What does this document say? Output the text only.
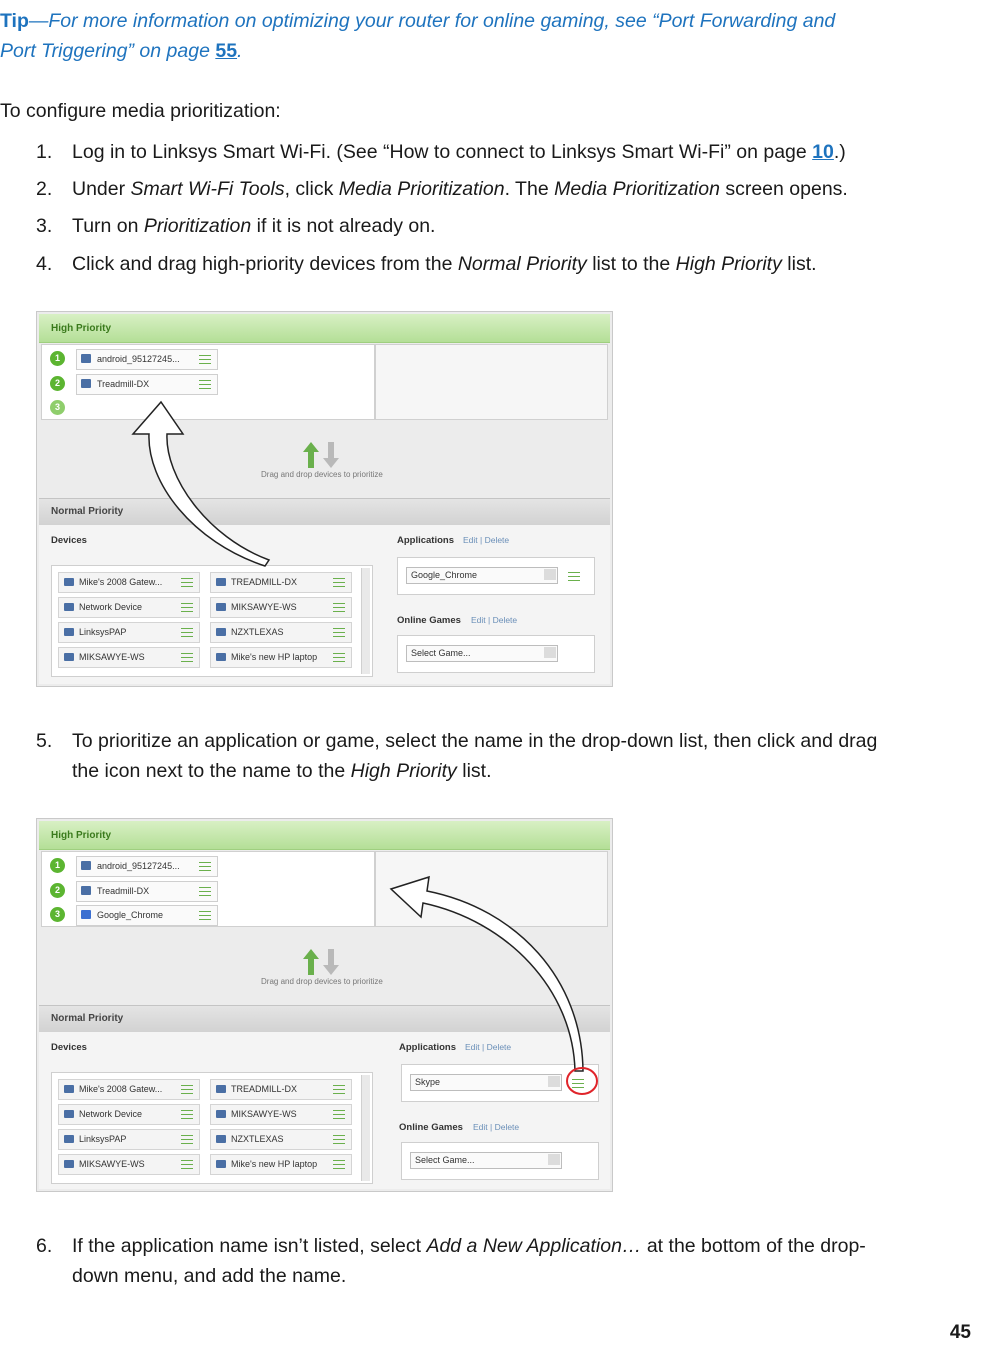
Tip—For more information on optimizing your router for online gaming, see “Port Forwarding and
Port Triggering” on page 55.
To configure media prioritization:
1.	Log in to Linksys Smart Wi-Fi. (See “How to connect to Linksys Smart Wi-Fi” on page 10.)
2.	Under Smart Wi-Fi Tools, click Media Prioritization. The Media Prioritization screen opens.
3.	Turn on Prioritization if it is not already on.
4.	Click and drag high-priority devices from the Normal Priority list to the High Priority list.
High Priority
1	android_95127245...
2	Treadmill-DX
3
Drag and drop devices to prioritize
Normal Priority
Devices
Mike's 2008 Gatew...	TREADMILL-DX
Network Device	MIKSAWYE-WS
LinksysPAP	NZXTLEXAS
MIKSAWYE-WS	Mike's new HP laptop
Applications Edit | Delete
Google_Chrome
Online Games Edit | Delete
Select Game...
5.	To prioritize an application or game, select the name in the drop-down list, then click and drag
the icon next to the name to the High Priority list.
High Priority
1	android_95127245...
2	Treadmill-DX
3	Google_Chrome
Drag and drop devices to prioritize
Normal Priority
Devices
Mike's 2008 Gatew...	TREADMILL-DX
Network Device	MIKSAWYE-WS
LinksysPAP	NZXTLEXAS
MIKSAWYE-WS	Mike's new HP laptop
Applications Edit | Delete
Skype
Online Games Edit | Delete
Select Game...
6.	If the application name isn’t listed, select Add a New Application… at the bottom of the drop-
down menu, and add the name.
45
